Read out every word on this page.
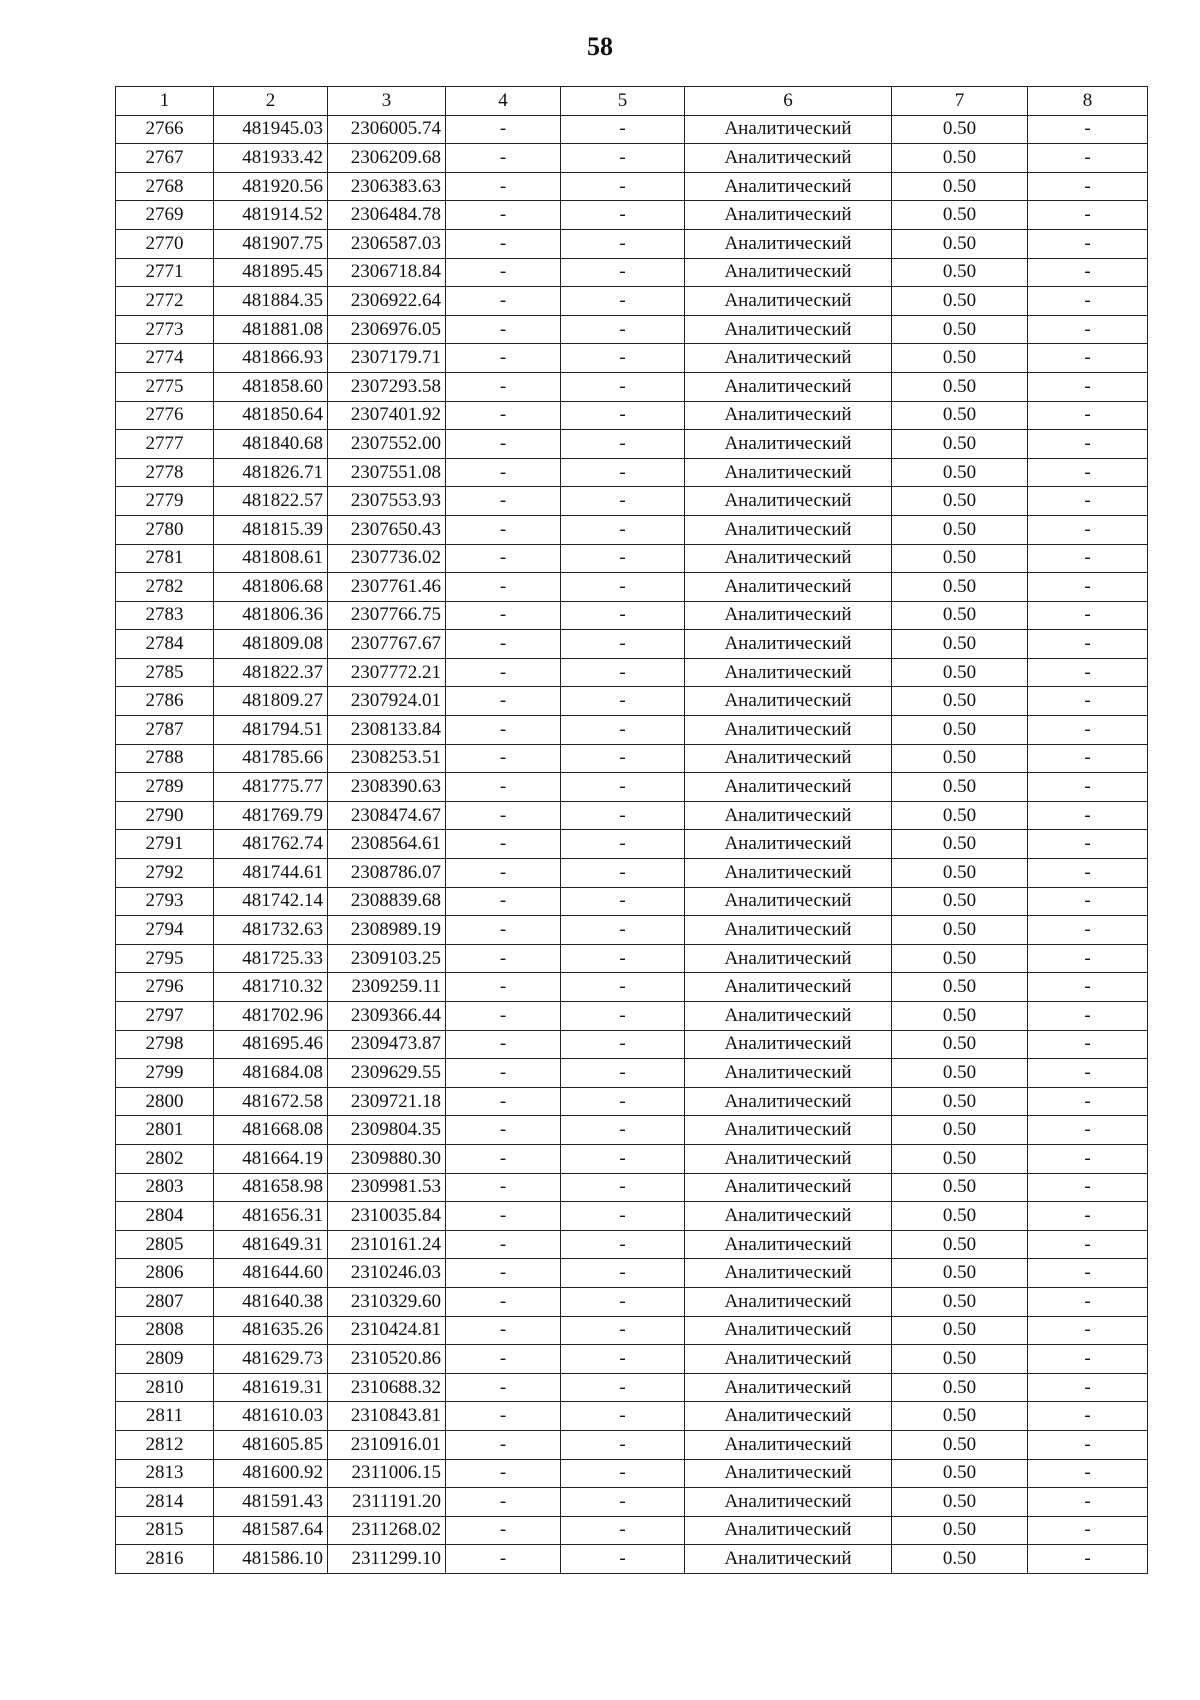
58
1	2	3	4	5	6	7	8
2766	481945.03	2306005.74	-	-	Аналитический	0.50	-
2767	481933.42	2306209.68	-	-	Аналитический	0.50	-
2768	481920.56	2306383.63	-	-	Аналитический	0.50	-
2769	481914.52	2306484.78	-	-	Аналитический	0.50	-
2770	481907.75	2306587.03	-	-	Аналитический	0.50	-
2771	481895.45	2306718.84	-	-	Аналитический	0.50	-
2772	481884.35	2306922.64	-	-	Аналитический	0.50	-
2773	481881.08	2306976.05	-	-	Аналитический	0.50	-
2774	481866.93	2307179.71	-	-	Аналитический	0.50	-
2775	481858.60	2307293.58	-	-	Аналитический	0.50	-
2776	481850.64	2307401.92	-	-	Аналитический	0.50	-
2777	481840.68	2307552.00	-	-	Аналитический	0.50	-
2778	481826.71	2307551.08	-	-	Аналитический	0.50	-
2779	481822.57	2307553.93	-	-	Аналитический	0.50	-
2780	481815.39	2307650.43	-	-	Аналитический	0.50	-
2781	481808.61	2307736.02	-	-	Аналитический	0.50	-
2782	481806.68	2307761.46	-	-	Аналитический	0.50	-
2783	481806.36	2307766.75	-	-	Аналитический	0.50	-
2784	481809.08	2307767.67	-	-	Аналитический	0.50	-
2785	481822.37	2307772.21	-	-	Аналитический	0.50	-
2786	481809.27	2307924.01	-	-	Аналитический	0.50	-
2787	481794.51	2308133.84	-	-	Аналитический	0.50	-
2788	481785.66	2308253.51	-	-	Аналитический	0.50	-
2789	481775.77	2308390.63	-	-	Аналитический	0.50	-
2790	481769.79	2308474.67	-	-	Аналитический	0.50	-
2791	481762.74	2308564.61	-	-	Аналитический	0.50	-
2792	481744.61	2308786.07	-	-	Аналитический	0.50	-
2793	481742.14	2308839.68	-	-	Аналитический	0.50	-
2794	481732.63	2308989.19	-	-	Аналитический	0.50	-
2795	481725.33	2309103.25	-	-	Аналитический	0.50	-
2796	481710.32	2309259.11	-	-	Аналитический	0.50	-
2797	481702.96	2309366.44	-	-	Аналитический	0.50	-
2798	481695.46	2309473.87	-	-	Аналитический	0.50	-
2799	481684.08	2309629.55	-	-	Аналитический	0.50	-
2800	481672.58	2309721.18	-	-	Аналитический	0.50	-
2801	481668.08	2309804.35	-	-	Аналитический	0.50	-
2802	481664.19	2309880.30	-	-	Аналитический	0.50	-
2803	481658.98	2309981.53	-	-	Аналитический	0.50	-
2804	481656.31	2310035.84	-	-	Аналитический	0.50	-
2805	481649.31	2310161.24	-	-	Аналитический	0.50	-
2806	481644.60	2310246.03	-	-	Аналитический	0.50	-
2807	481640.38	2310329.60	-	-	Аналитический	0.50	-
2808	481635.26	2310424.81	-	-	Аналитический	0.50	-
2809	481629.73	2310520.86	-	-	Аналитический	0.50	-
2810	481619.31	2310688.32	-	-	Аналитический	0.50	-
2811	481610.03	2310843.81	-	-	Аналитический	0.50	-
2812	481605.85	2310916.01	-	-	Аналитический	0.50	-
2813	481600.92	2311006.15	-	-	Аналитический	0.50	-
2814	481591.43	2311191.20	-	-	Аналитический	0.50	-
2815	481587.64	2311268.02	-	-	Аналитический	0.50	-
2816	481586.10	2311299.10	-	-	Аналитический	0.50	-
